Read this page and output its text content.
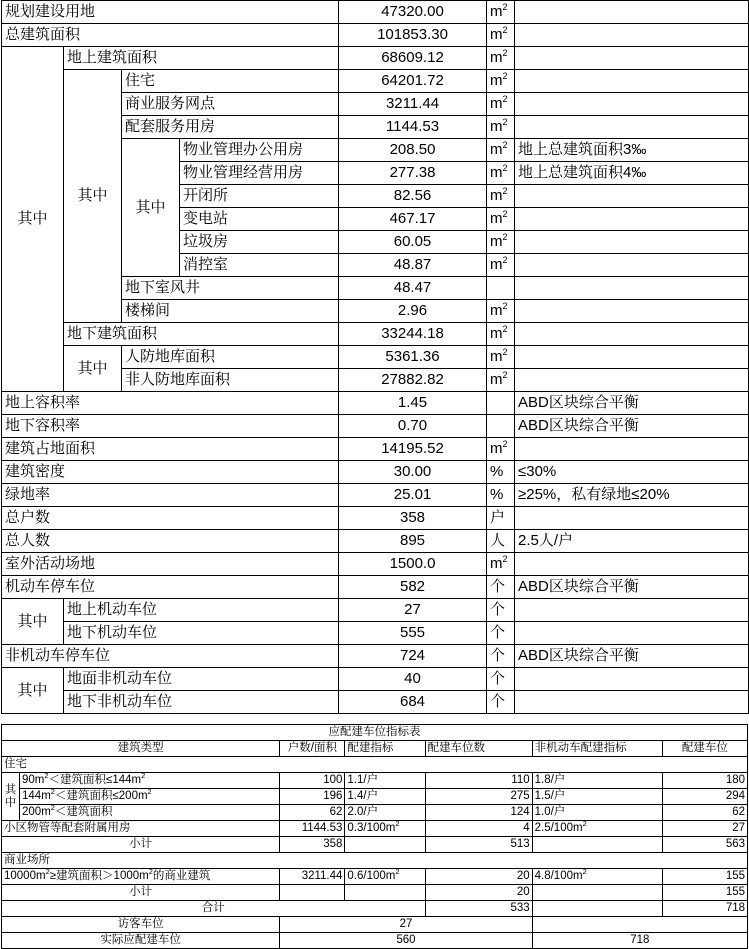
规划建设用地				47320.00	$m^2$	
总建筑面积				101853.30	$m^2$	
其中	地上建筑面积			68609.12	$m^2$	
	其中	住宅		64201.72	$m^2$	
		商业服务网点		3211.44	$m^2$	
		配套服务用房		1144.53	$m^2$	
		其中	物业管理办公用房	208.50	$m^2$	地上总建筑面积3‰
			物业管理经营用房	277.38	$m^2$	地上总建筑面积4‰
			开闭所	82.56	$m^2$	
			变电站	467.17	$m^2$	
			垃圾房	60.05	$m^2$	
			消控室	48.87	$m^2$	
		地下室风井		48.47		
		楼梯间		2.96	$m^2$	
	地下建筑面积			33244.18	$m^2$	
	其中	人防地库面积		5361.36	$m^2$	
		非人防地库面积		27882.82	$m^2$	
地上容积率				1.45		ABD区块综合平衡
地下容积率				0.70		ABD区块综合平衡
建筑占地面积				14195.52	$m^2$	
建筑密度				30.00	%	≤30%
绿地率				25.01	%	≥25%，私有绿地≤20%
总户数				358	户	
总人数				895	人	2.5人/户
室外活动场地				1500.0	$m^2$	
机动车停车位				582	个	ABD区块综合平衡
其中	地上机动车位			27	个	
	地下机动车位			555	个	
非机动车停车位				724	个	ABD区块综合平衡
其中	地面非机动车位			40	个	
	地下非机动车位			684	个	
应配建车位指标表						
建筑类型		户数/面积	配建指标	配建车位数	非机动车配建指标	配建车位
住宅						
其
中	$90m^2<$建筑面积$\le 144m^2$	100	1.1/户	110	1.8/户	180
	$144m^2<$建筑面积$\le 200m^2$	196	1.4/户	275	1.5/户	294
	$200m^2<$建筑面积	62	2.0/户	124	1.0/户	62
小区物管等配套附属用房		1144.53	$0.3/100m^2$	4	$2.5/100m^2$	27
小计		358		513		563
商业场所						
$10000m^2\ge$建筑面积$>1000m^2$的商业建筑		3211.44	$0.6/100m^2$	20	$4.8/100m^2$	155
小计				20		155
合计				533		718
访客车位		27				
实际应配建车位		560			718	
